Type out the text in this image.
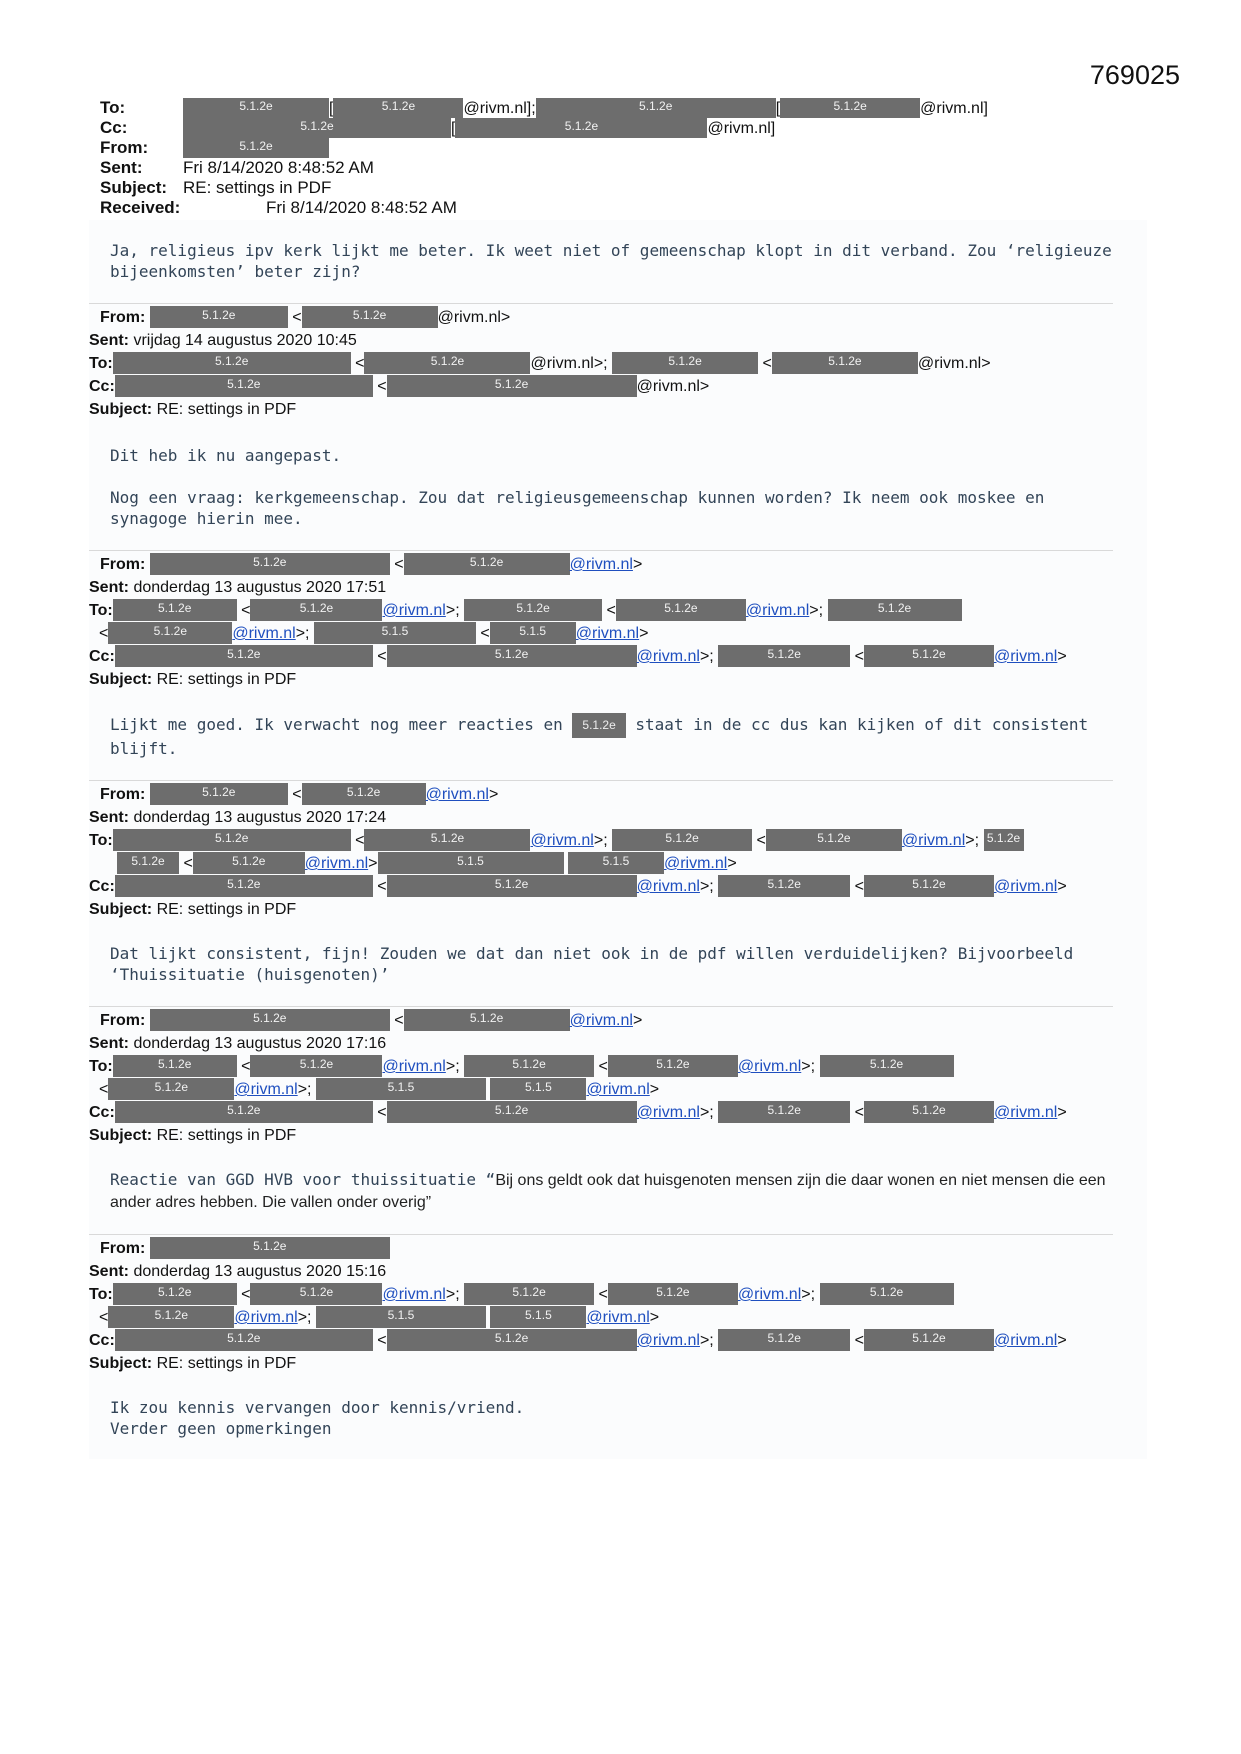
769025
To:	5.1.2e	[	5.1.2e	@rivm.nl];	5.1.2e	[	5.1.2e	@rivm.nl]
Cc:	5.1.2e	[	5.1.2e	@rivm.nl]
From:	5.1.2e
Sent: Fri 8/14/2020 8:48:52 AM
Subject: RE: settings in PDF
Received:	Fri 8/14/2020 8:48:52 AM

Ja, religieus ipv kerk lijkt me beter. Ik weet niet of gemeenschap klopt in dit verband. Zou ‘religieuze bijeenkomsten’ beter zijn?

From:	5.1.2e	<	5.1.2e	@rivm.nl>
Sent: vrijdag 14 augustus 2020 10:45
To:	5.1.2e	<	5.1.2e	@rivm.nl>;	5.1.2e	<	5.1.2e	@rivm.nl>
Cc:	5.1.2e	<	5.1.2e	@rivm.nl>
Subject: RE: settings in PDF

Dit heb ik nu aangepast.

Nog een vraag: kerkgemeenschap. Zou dat religieusgemeenschap kunnen worden? Ik neem ook moskee en synagoge hierin mee.

From:	5.1.2e	<	5.1.2e	@rivm.nl>
Sent: donderdag 13 augustus 2020 17:51
To:	5.1.2e	<	5.1.2e	@rivm.nl>;	5.1.2e	<	5.1.2e	@rivm.nl>;	5.1.2e
<	5.1.2e	@rivm.nl>;	5.1.5	< 5.1.5 @rivm.nl>
Cc:	5.1.2e	<	5.1.2e	@rivm.nl>;	5.1.2e	<	5.1.2e	@rivm.nl>
Subject: RE: settings in PDF

Lijkt me goed. Ik verwacht nog meer reacties en 5.1.2e staat in de cc dus kan kijken of dit consistent blijft.

From:	5.1.2e	<	5.1.2e	@rivm.nl>
Sent: donderdag 13 augustus 2020 17:24
To:	5.1.2e	<	5.1.2e	@rivm.nl>;	5.1.2e	<	5.1.2e	@rivm.nl>; 5.1.2e
5.1.2e <	5.1.2e @rivm.nl>	5.1.5	5.1.5 @rivm.nl>
Cc:	5.1.2e	<	5.1.2e	@rivm.nl>;	5.1.2e	<	5.1.2e	@rivm.nl>
Subject: RE: settings in PDF

Dat lijkt consistent, fijn! Zouden we dat dan niet ook in de pdf willen verduidelijken? Bijvoorbeeld ‘Thuissituatie (huisgenoten)’

From:	5.1.2e	<	5.1.2e	@rivm.nl>
Sent: donderdag 13 augustus 2020 17:16
To:	5.1.2e	<	5.1.2e	@rivm.nl>;	5.1.2e	<	5.1.2e	@rivm.nl>;	5.1.2e
<	5.1.2e	@rivm.nl>;	5.1.5	5.1.5 @rivm.nl>
Cc:	5.1.2e	<	5.1.2e	@rivm.nl>;	5.1.2e	<	5.1.2e	@rivm.nl>
Subject: RE: settings in PDF

Reactie van GGD HVB voor thuissituatie “Bij ons geldt ook dat huisgenoten mensen zijn die daar wonen en niet mensen die een ander adres hebben. Die vallen onder overig”

From:	5.1.2e
Sent: donderdag 13 augustus 2020 15:16
To:	5.1.2e	<	5.1.2e	@rivm.nl>;	5.1.2e	<	5.1.2e	@rivm.nl>;	5.1.2e
<	5.1.2e	@rivm.nl>;	5.1.5	5.1.5 @rivm.nl>
Cc:	5.1.2e	<	5.1.2e	@rivm.nl>;	5.1.2e	<	5.1.2e	@rivm.nl>
Subject: RE: settings in PDF

Ik zou kennis vervangen door kennis/vriend.

Verder geen opmerkingen
